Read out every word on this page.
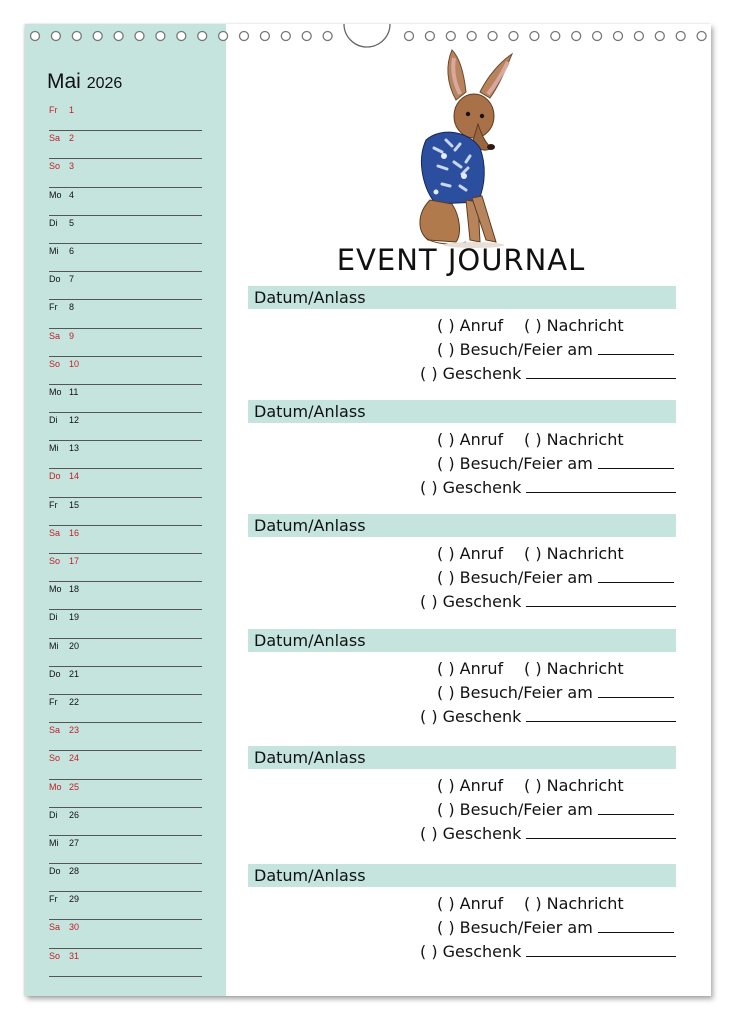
Mai 2026
Fr	1
Sa 2
So 3
Mo 4
Di	5
Mi	6
Do 7
Fr	8
Sa 9
So 10
Mo 11
Di	12
Mi	13
Do 14
Fr	15
Sa 16
So 17
Mo 18
Di	19
Mi	20
Do 21
Fr	22
Sa 23
So 24
Mo 25
Di	26
Mi	27
Do 28
Fr	29
Sa 30
So 31
EVENT JOURNAL
Datum/Anlass
( ) Anruf ( ) Nachricht
( ) Besuch/Feier am
( ) Geschenk
Datum/Anlass
( ) Anruf ( ) Nachricht
( ) Besuch/Feier am
( ) Geschenk
Datum/Anlass
( ) Anruf ( ) Nachricht
( ) Besuch/Feier am
( ) Geschenk
Datum/Anlass
( ) Anruf ( ) Nachricht
( ) Besuch/Feier am
( ) Geschenk
Datum/Anlass
( ) Anruf ( ) Nachricht
( ) Besuch/Feier am
( ) Geschenk
Datum/Anlass
( ) Anruf ( ) Nachricht
( ) Besuch/Feier am
( ) Geschenk
